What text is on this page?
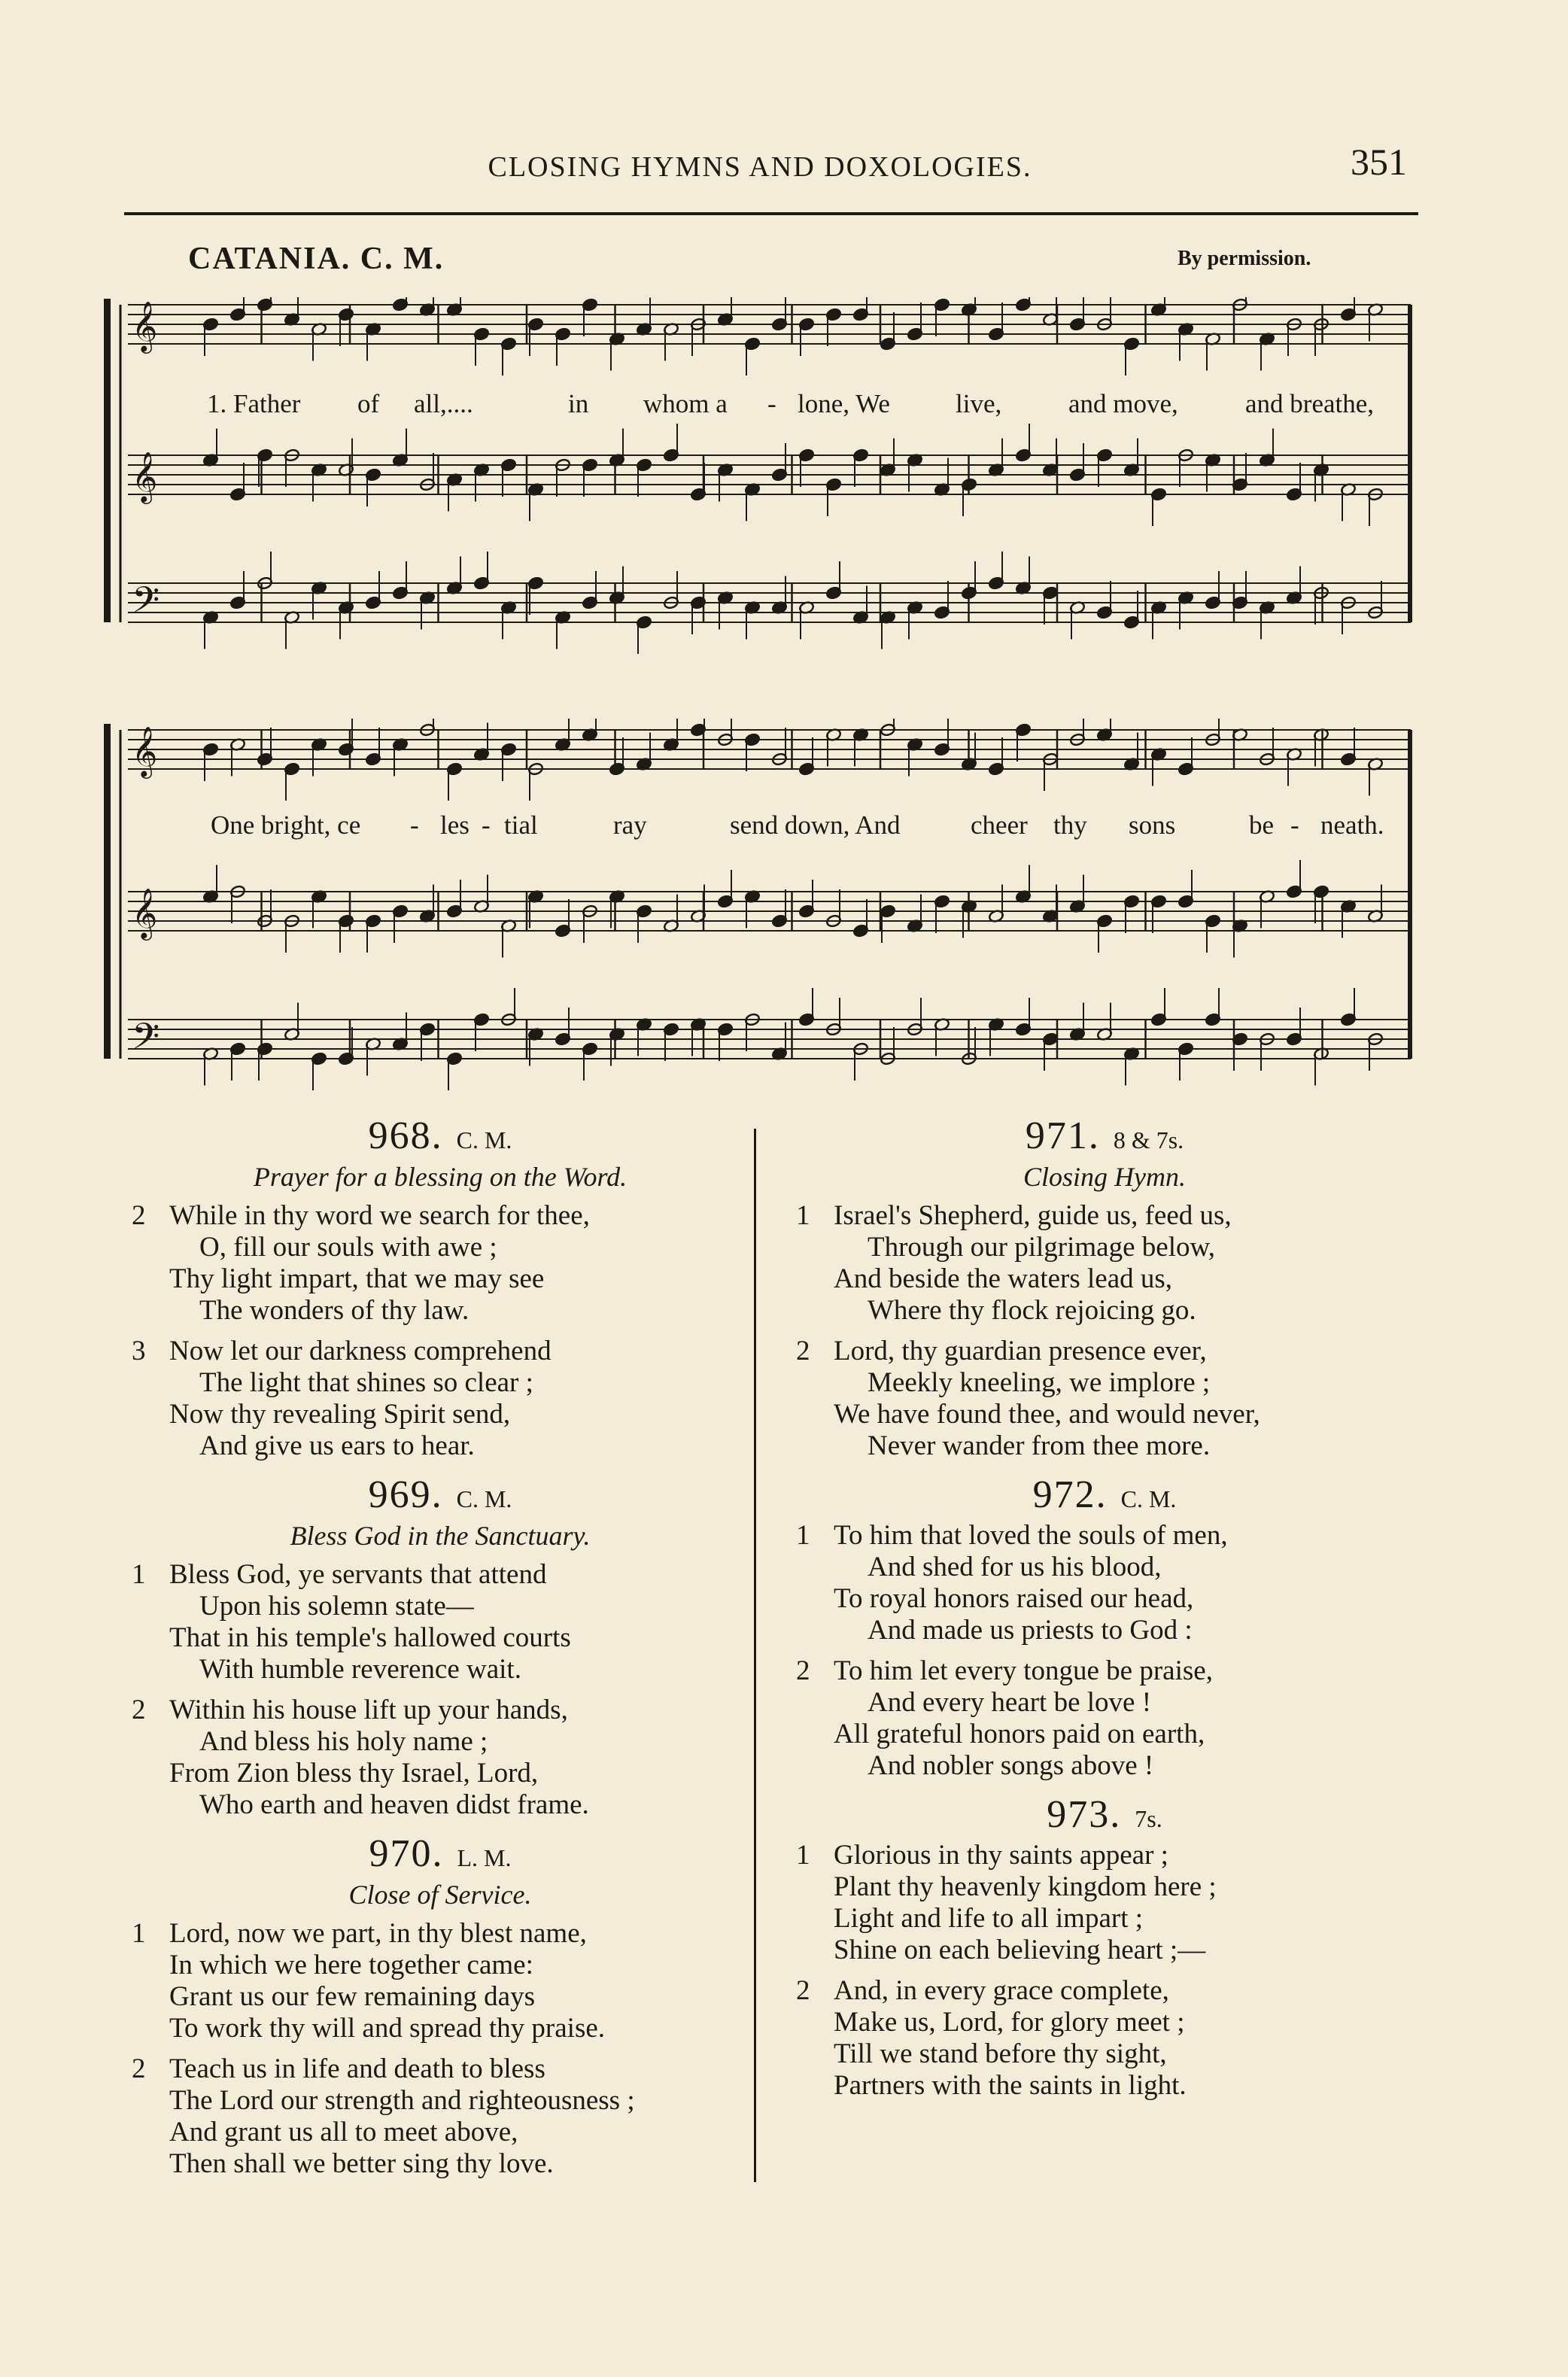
CLOSING HYMNS AND DOXOLOGIES.	351
CATANIA. C. M.	By permission.
𝄞
𝄞
𝄢
1. Father of all,....	in whom a - lone, We live,	and move,	and breathe,
𝄞
𝄞
𝄢
One bright, ce - les - tial	ray	send down, And	cheer thy sons	be - neath.
968. C. M.
Prayer for a blessing on the Word.
2 While in thy word we search for thee,
O, fill our souls with awe ;
Thy light impart, that we may see
The wonders of thy law.
3 Now let our darkness comprehend
The light that shines so clear ;
Now thy revealing Spirit send,
And give us ears to hear.
969. C. M.
Bless God in the Sanctuary.
1 Bless God, ye servants that attend
Upon his solemn state—
That in his temple's hallowed courts
With humble reverence wait.
2 Within his house lift up your hands,
And bless his holy name ;
From Zion bless thy Israel, Lord,
Who earth and heaven didst frame.
970. L. M.
Close of Service.
1 Lord, now we part, in thy blest name,
In which we here together came:
Grant us our few remaining days
To work thy will and spread thy praise.
2 Teach us in life and death to bless
The Lord our strength and righteousness ;
And grant us all to meet above,
Then shall we better sing thy love.
971. 8 & 7s.
Closing Hymn.
1 Israel's Shepherd, guide us, feed us,
Through our pilgrimage below,
And beside the waters lead us,
Where thy flock rejoicing go.
2 Lord, thy guardian presence ever,
Meekly kneeling, we implore ;
We have found thee, and would never,
Never wander from thee more.
972. C. M.
1 To him that loved the souls of men,
And shed for us his blood,
To royal honors raised our head,
And made us priests to God :
2 To him let every tongue be praise,
And every heart be love !
All grateful honors paid on earth,
And nobler songs above !
973. 7s.
1 Glorious in thy saints appear ;
Plant thy heavenly kingdom here ;
Light and life to all impart ;
Shine on each believing heart ;—
2 And, in every grace complete,
Make us, Lord, for glory meet ;
Till we stand before thy sight,
Partners with the saints in light.
